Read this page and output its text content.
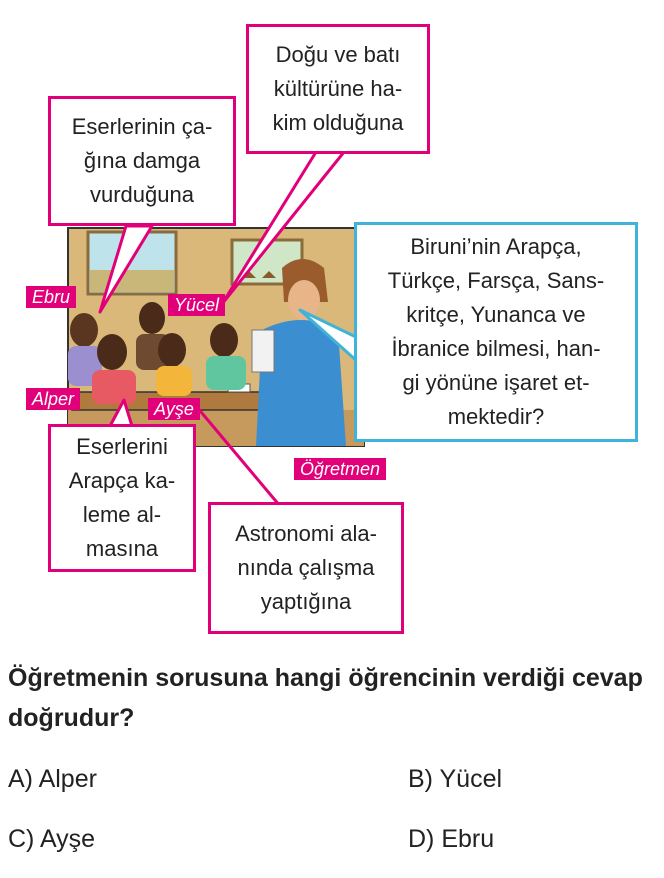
Eserlerinin ça-
ğına damga
vurduğuna
Doğu ve batı
kültürüne ha-
kim olduğuna
Biruni’nin Arapça,
Türkçe, Farsça, Sans-
kritçe, Yunanca ve
İbranice bilmesi, han-
gi yönüne işaret et-
mektedir?
Eserlerini
Arapça ka-
leme al-
masına
Astronomi ala-
nında çalışma
yaptığına
Ebru	Yücel
Alper	Ayşe
Öğretmen

Öğretmenin sorusuna hangi öğrencinin verdiği cevap doğrudur?

A) Alper	B) Yücel
C) Ayşe	D) Ebru
